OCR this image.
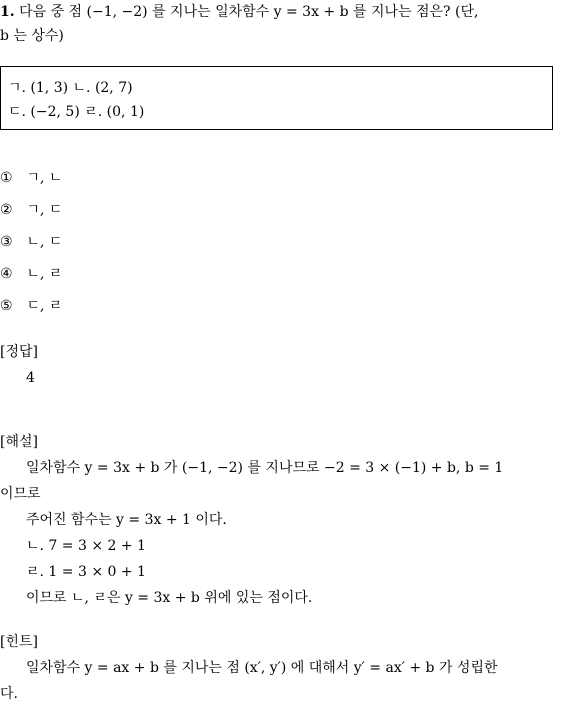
1. 다음 중 점 (−1, −2) 를 지나는 일차함수 y = 3x + b 를 지나는 점은? (단,
b 는 상수)
ㄱ. (1, 3) ㄴ. (2, 7)
ㄷ. (−2, 5) ㄹ. (0, 1)
① ㄱ, ㄴ
② ㄱ, ㄷ
③ ㄴ, ㄷ
④ ㄴ, ㄹ
⑤ ㄷ, ㄹ
[정답]
4
[해설]
일차함수 y = 3x + b 가 (−1, −2) 를 지나므로 −2 = 3 × (−1) + b, b = 1
이므로
주어진 함수는 y = 3x + 1 이다.
ㄴ. 7 = 3 × 2 + 1
ㄹ. 1 = 3 × 0 + 1
이므로 ㄴ, ㄹ은 y = 3x + b 위에 있는 점이다.
[힌트]
일차함수 y = ax + b 를 지나는 점 (x′, y′) 에 대해서 y′ = ax′ + b 가 성립한
다.
